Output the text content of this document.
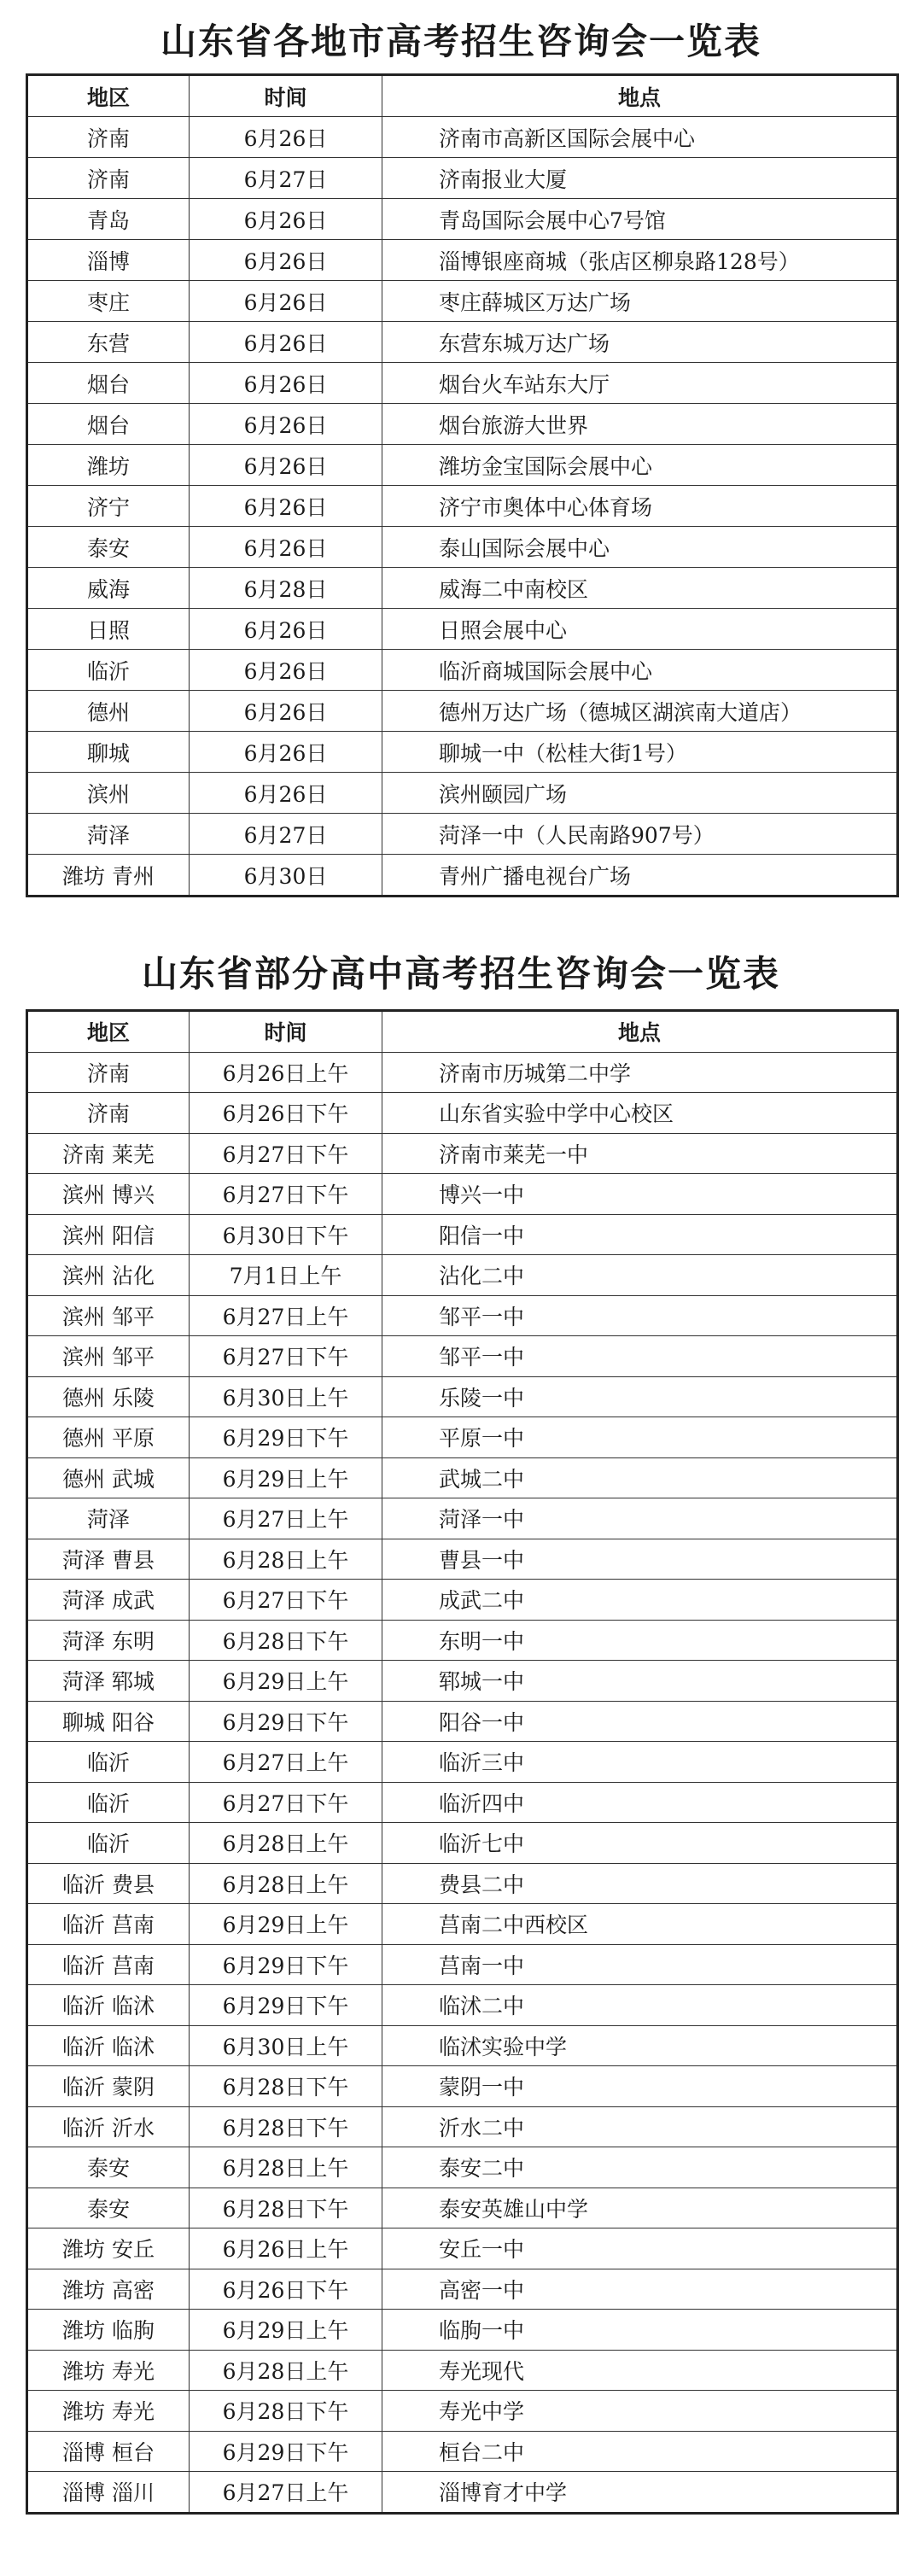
山东省各地市高考招生咨询会一览表
地区	时间	地点
济南	6月26日	济南市高新区国际会展中心
济南	6月27日	济南报业大厦
青岛	6月26日	青岛国际会展中心7号馆
淄博	6月26日	淄博银座商城（张店区柳泉路128号）
枣庄	6月26日	枣庄薛城区万达广场
东营	6月26日	东营东城万达广场
烟台	6月26日	烟台火车站东大厅
烟台	6月26日	烟台旅游大世界
潍坊	6月26日	潍坊金宝国际会展中心
济宁	6月26日	济宁市奥体中心体育场
泰安	6月26日	泰山国际会展中心
威海	6月28日	威海二中南校区
日照	6月26日	日照会展中心
临沂	6月26日	临沂商城国际会展中心
德州	6月26日	德州万达广场（德城区湖滨南大道店）
聊城	6月26日	聊城一中（松桂大街1号）
滨州	6月26日	滨州颐园广场
菏泽	6月27日	菏泽一中（人民南路907号）
潍坊 青州	6月30日	青州广播电视台广场
山东省部分高中高考招生咨询会一览表
地区	时间	地点
济南	6月26日上午	济南市历城第二中学
济南	6月26日下午	山东省实验中学中心校区
济南 莱芜	6月27日下午	济南市莱芜一中
滨州 博兴	6月27日下午	博兴一中
滨州 阳信	6月30日下午	阳信一中
滨州 沾化	7月1日上午	沾化二中
滨州 邹平	6月27日上午	邹平一中
滨州 邹平	6月27日下午	邹平一中
德州 乐陵	6月30日上午	乐陵一中
德州 平原	6月29日下午	平原一中
德州 武城	6月29日上午	武城二中
菏泽	6月27日上午	菏泽一中
菏泽 曹县	6月28日上午	曹县一中
菏泽 成武	6月27日下午	成武二中
菏泽 东明	6月28日下午	东明一中
菏泽 郓城	6月29日上午	郓城一中
聊城 阳谷	6月29日下午	阳谷一中
临沂	6月27日上午	临沂三中
临沂	6月27日下午	临沂四中
临沂	6月28日上午	临沂七中
临沂 费县	6月28日上午	费县二中
临沂 莒南	6月29日上午	莒南二中西校区
临沂 莒南	6月29日下午	莒南一中
临沂 临沭	6月29日下午	临沭二中
临沂 临沭	6月30日上午	临沭实验中学
临沂 蒙阴	6月28日下午	蒙阴一中
临沂 沂水	6月28日下午	沂水二中
泰安	6月28日上午	泰安二中
泰安	6月28日下午	泰安英雄山中学
潍坊 安丘	6月26日上午	安丘一中
潍坊 高密	6月26日下午	高密一中
潍坊 临朐	6月29日上午	临朐一中
潍坊 寿光	6月28日上午	寿光现代
潍坊 寿光	6月28日下午	寿光中学
淄博 桓台	6月29日下午	桓台二中
淄博 淄川	6月27日上午	淄博育才中学
